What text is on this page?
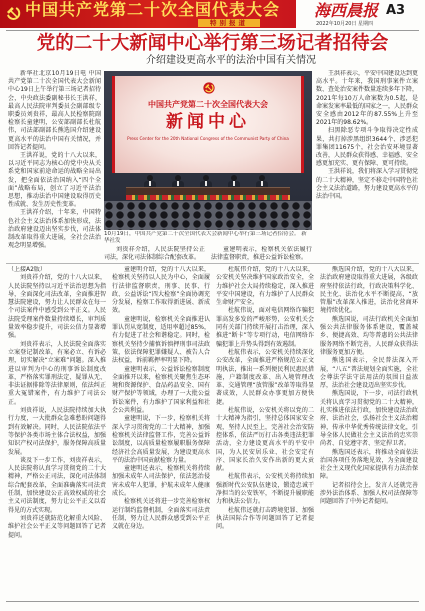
中国共产党第二十次全国代表大会
特别报道
海西晨报 A3
2022年10月20日 星期四
党的二十大新闻中心举行第三场记者招待会
介绍建设更高水平的法治中国有关情况

新华社北京10月19日电 中国共产党第二十次全国代表大会新闻中心19日上午举行第三场记者招待会，中央政法委副秘书长王洪祥，最高人民法院审判委员会副部级专职委员刘贵祥，最高人民检察院副检察长童建明，公安部副部长杜航伟，司法部副部长熊选国介绍建设更高水平的法治中国有关情况，并回答记者提问。

王洪祥说，党的十八大以来，以习近平同志为核心的党中央从关系党和国家前途命运的战略全局出发，把全面依法治国纳入“四个全面”战略布局，创立了习近平法治思想，推动法治中国建设取得历史性成就、发生历史性变革。

王洪祥介绍，十年来，中国特色社会主义法治体系加快形成，法治政府建设迈出坚实步伐，司法体制改革取得重大进展，全社会法治观念明显增强。

中国共产党第二十次全国代表大会
新闻中心
Press Center for the 20th National Congress of the Communist Party of China
10月19日，中国共产党第二十次全国代表大会新闻中心举行第三场记者招待会。 新华社发

王洪祥表示，平安中国建设达到更高水平。十年来，我国刑事案件立案数、查处治安案件数量连续多年下降，2021年每10万人命案数为0.5起，是命案发案率最低的国家之一，人民群众安全感由2012年的87.55%上升至2021年的98.62%。

扫黑除恶专项斗争取得决定性成果，共打掉涉黑组织3644个、涉恶犯罪集团11675个，社会治安环境显著改善，人民群众获得感、幸福感、安全感更加充实、更有保障、更可持续。

王洪祥说，我们将深入学习贯彻党的二十大精神，坚定不移走中国特色社会主义法治道路，努力建设更高水平的法治中国。

刘贵祥介绍，人民法院坚持公正司法，深化司法体制综合配套改革。

童建明表示，检察机关依法履行法律监督职责，推进公益诉讼检察。

（上接A2版）

刘贵祥介绍，党的十八大以来，人民法院坚持以习近平法治思想为指导，全面深化司法改革，全面推进智慧法院建设，努力让人民群众在每一个司法案件中感受到公平正义。人民法院受理案件数量持续增长，审判质量效率稳步提升，司法公信力显著增强。

刘贵祥表示，人民法院全面落实立案登记制改革，有案必立、有诉必理，切实解决“立案难”问题。深入推进以审判为中心的刑事诉讼制度改革，严格落实罪刑法定、疑罪从无、非法证据排除等法律原则，依法纠正重大冤错案件，有力维护了司法公正。

刘贵祥说，人民法院持续加大执行力度，一大批群众急难愁盼问题得到有效解决。同时，人民法院依法平等保护各类市场主体合法权益，加强知识产权司法保护，服务保障高质量发展。

谈及下一步工作，刘贵祥表示，人民法院将认真学习贯彻党的二十大精神，严格公正司法，深化司法体制综合配套改革，全面准确落实司法责任制，加快建设公正高效权威的社会主义司法制度，努力让公平正义以看得见的方式实现。

刘贵祥还就防范化解重大风险、维护社会公平正义等问题回答了记者提问。

童建明介绍，党的十八大以来，检察机关坚持以人民为中心，全面履行法律监督职责，刑事、民事、行政、公益诉讼“四大检察”全面协调充分发展，检察工作取得新进展、新成效。

童建明说，检察机关全面推进认罪认罚从宽制度，适用率超过85%，有力促进了社会和谐稳定。同时，检察机关坚持少捕慎诉慎押刑事司法政策，依法保障犯罪嫌疑人、被告人合法权益，诉前羁押率明显下降。

童建明表示，公益诉讼检察制度全面推开以来，检察机关聚焦生态环境和资源保护、食品药品安全、国有财产保护等领域，办理了一大批公益诉讼案件，有力维护了国家利益和社会公共利益。

童建明说，下一步，检察机关将深入学习贯彻党的二十大精神，加强检察机关法律监督工作，完善公益诉讼制度，以高质量检察履职服务保障经济社会高质量发展，为建设更高水平的法治中国贡献检察力量。

童建明还表示，检察机关将持续加强未成年人司法保护，依法惩治侵害未成年人犯罪，护航未成年人健康成长。

检察机关还将进一步完善检察权运行制约监督机制，全面落实司法责任制，努力让人民群众感受到公平正义就在身边。

杜航伟介绍，党的十八大以来，公安机关坚决维护国家政治安全，全力维护社会大局持续稳定，深入推进平安中国建设，有力维护了人民群众生命财产安全。

杜航伟说，面对电信网络诈骗犯罪高发多发的严峻形势，公安机关会同有关部门持续开展打击治理，深入推进“断卡”等专项行动，电信网络诈骗犯罪上升势头得到有效遏制。

杜航伟表示，公安机关持续深化公安改革，全面推进严格规范公正文明执法，推出一系列便民利民惠民措施，户籍制度改革、出入境管理改革、交通管理“放管服”改革等取得显著成效，人民群众办事更加方便快捷。

杜航伟说，公安机关将以党的二十大精神为指引，坚持总体国家安全观，坚持人民至上，完善社会治安防控体系，依法严厉打击各类违法犯罪活动，全力建设更高水平的平安中国，为人民安居乐业、社会安定有序、国家长治久安作出新的更大贡献。

杜航伟表示，公安机关将持续加强新时代公安队伍建设，锻造忠诚干净担当的公安铁军，不断提升履职能力和执法公信力。

杜航伟还就打击跨境犯罪、加强执法国际合作等问题回答了记者提问。

熊选国介绍，党的十八大以来，法治政府建设取得重大进展，各级政府坚持依法行政，行政决策科学化、民主化、法治化水平不断提高，“放管服”改革深入推进，法治化营商环境持续优化。

熊选国说，司法行政机关全面加强公共法律服务体系建设，覆盖城乡、便捷高效、均等普惠的公共法律服务网络不断完善，人民群众获得法律服务更加方便。

熊选国表示，全民普法深入开展，“八五”普法规划全面实施，全社会尊法学法守法用法的氛围日益浓厚，法治社会建设迈出坚实步伐。

熊选国说，下一步，司法行政机关将认真学习贯彻党的二十大精神，扎实推进依法行政，加快建设法治政府、法治社会，弘扬社会主义法治精神，传承中华优秀传统法律文化，引导全体人民做社会主义法治的忠实崇尚者、自觉遵守者、坚定捍卫者。

熊选国还表示，将推动全面依法治国各项任务落地见效，为全面建设社会主义现代化国家提供有力法治保障。

记者招待会上，发言人还就完善涉外法治体系、加强人权司法保障等问题回答了中外记者提问。
